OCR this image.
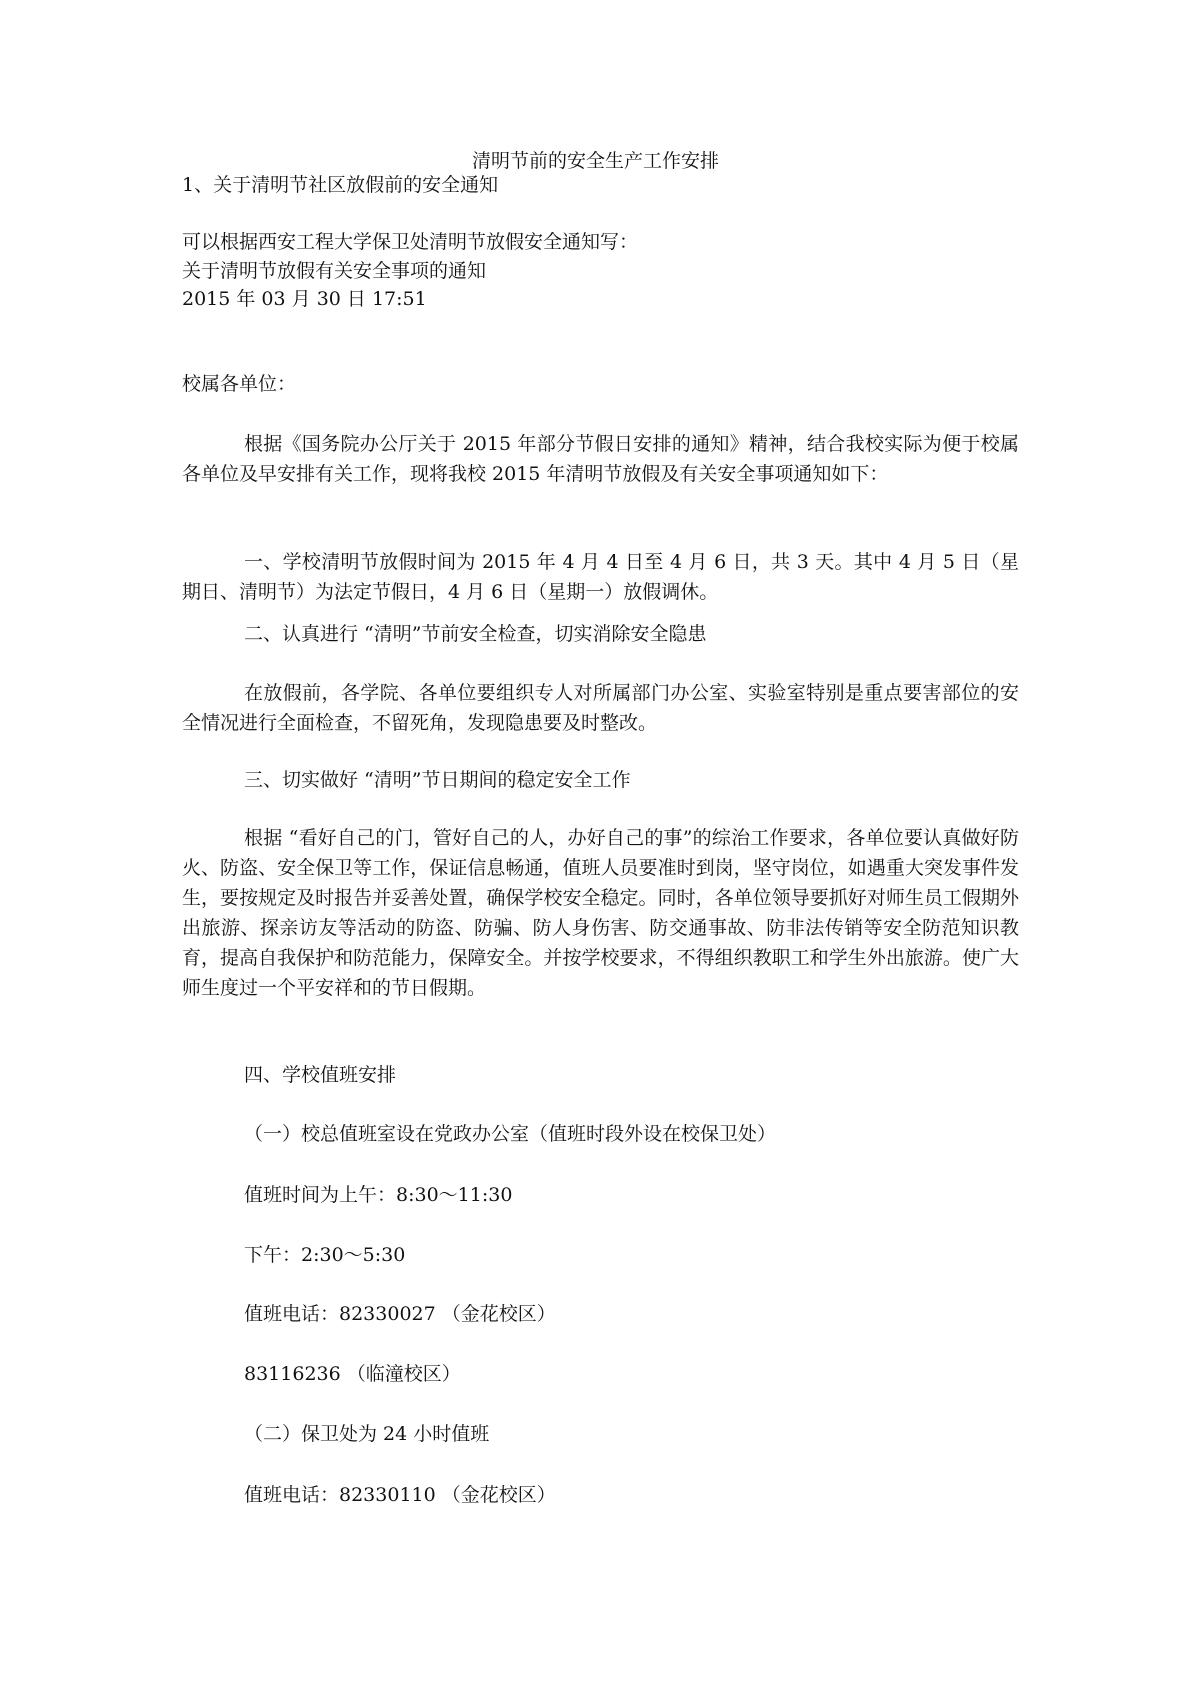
清明节前的安全生产工作安排
1、关于清明节社区放假前的安全通知
可以根据西安工程大学保卫处清明节放假安全通知写：
关于清明节放假有关安全事项的通知
2015 年 03 月 30 日 17:51
校属各单位：
根据《国务院办公厅关于 2015 年部分节假日安排的通知》精神，结合我校实际为便于校属各单位及早安排有关工作，现将我校 2015 年清明节放假及有关安全事项通知如下：
一、学校清明节放假时间为 2015 年 4 月 4 日至 4 月 6 日，共 3 天。其中 4 月 5 日（星期日、清明节）为法定节假日，4 月 6 日（星期一）放假调休。
二、认真进行 “清明”节前安全检查，切实消除安全隐患
在放假前，各学院、各单位要组织专人对所属部门办公室、实验室特别是重点要害部位的安全情况进行全面检查，不留死角，发现隐患要及时整改。
三、切实做好 “清明”节日期间的稳定安全工作
根据 “看好自己的门，管好自己的人，办好自己的事”的综治工作要求，各单位要认真做好防火、防盗、安全保卫等工作，保证信息畅通，值班人员要准时到岗，坚守岗位，如遇重大突发事件发生，要按规定及时报告并妥善处置，确保学校安全稳定。同时，各单位领导要抓好对师生员工假期外出旅游、探亲访友等活动的防盗、防骗、防人身伤害、防交通事故、防非法传销等安全防范知识教育，提高自我保护和防范能力，保障安全。并按学校要求，不得组织教职工和学生外出旅游。使广大师生度过一个平安祥和的节日假期。
四、学校值班安排
（一）校总值班室设在党政办公室（值班时段外设在校保卫处）
值班时间为上午：8:30～11:30
下午：2:30～5:30
值班电话：82330027 （金花校区）
83116236 （临潼校区）
（二）保卫处为 24 小时值班
值班电话：82330110 （金花校区）
